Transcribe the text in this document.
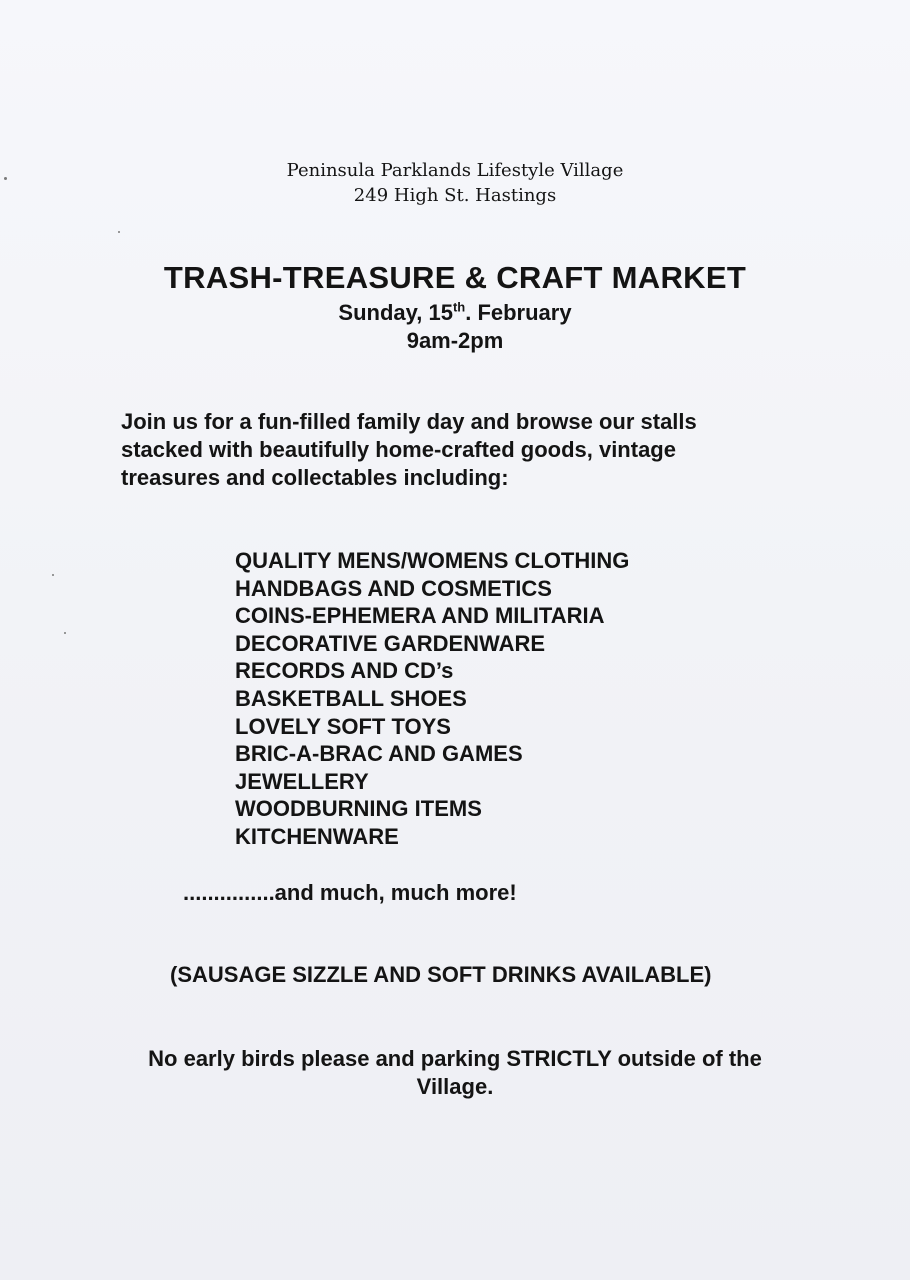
Peninsula Parklands Lifestyle Village
249 High St. Hastings
TRASH-TREASURE & CRAFT MARKET
Sunday, 15th. February
9am-2pm
Join us for a fun-filled family day and browse our stalls
stacked with beautifully home-crafted goods, vintage
treasures and collectables including:
QUALITY MENS/WOMENS CLOTHING
HANDBAGS AND COSMETICS
COINS-EPHEMERA AND MILITARIA
DECORATIVE GARDENWARE
RECORDS AND CD’s
BASKETBALL SHOES
LOVELY SOFT TOYS
BRIC-A-BRAC AND GAMES
JEWELLERY
WOODBURNING ITEMS
KITCHENWARE
...............and much, much more!
(SAUSAGE SIZZLE AND SOFT DRINKS AVAILABLE)
No early birds please and parking STRICTLY outside of the
Village.
